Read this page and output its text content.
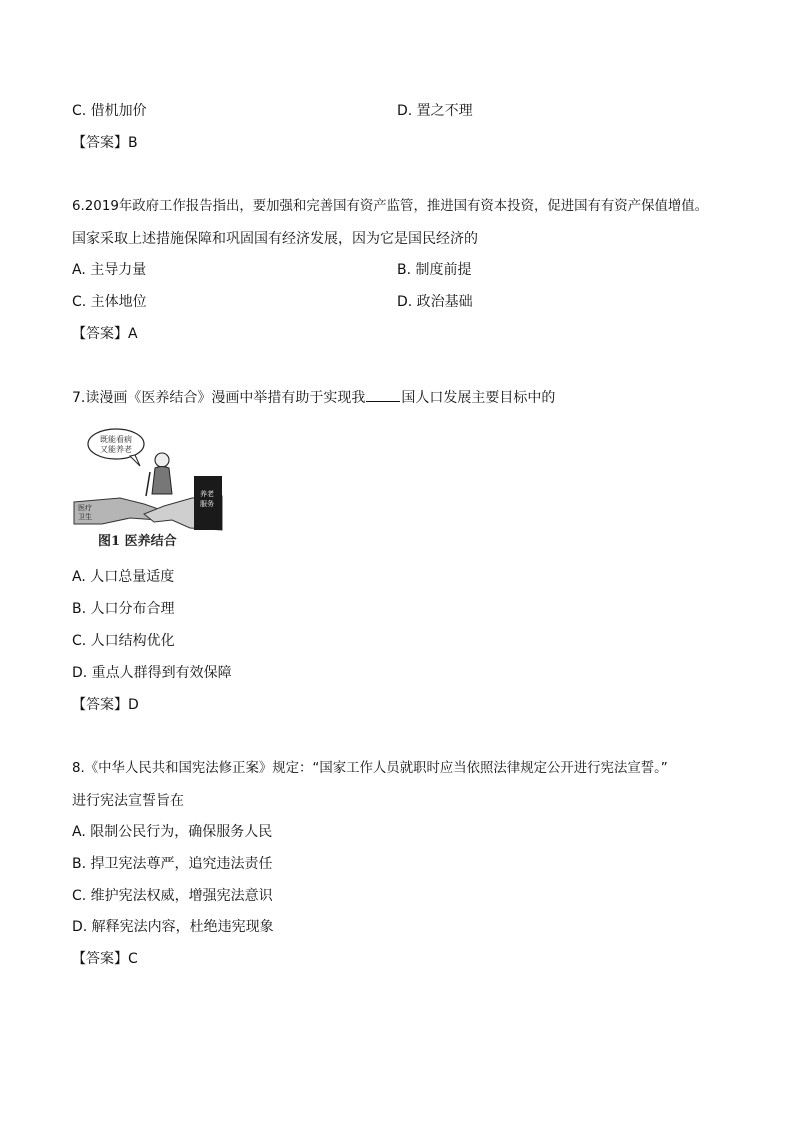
C. 借机加价	D. 置之不理
【答案】B
6.2019年政府工作报告指出，要加强和完善国有资产监管，推进国有资本投资，促进国有有资产保值增值。
国家采取上述措施保障和巩固国有经济发展，因为它是国民经济的
A. 主导力量	B. 制度前提
C. 主体地位	D. 政治基础
【答案】A
7.读漫画《医养结合》漫画中举措有助于实现我	国人口发展主要目标中的
既能看病
又能养老
医疗
卫生
养老
服务
图1 医养结合
A. 人口总量适度
B. 人口分布合理
C. 人口结构优化
D. 重点人群得到有效保障
【答案】D
8.《中华人民共和国宪法修正案》规定：“国家工作人员就职时应当依照法律规定公开进行宪法宣誓。”
进行宪法宣誓旨在
A. 限制公民行为，确保服务人民
B. 捍卫宪法尊严，追究违法责任
C. 维护宪法权威，增强宪法意识
D. 解释宪法内容，杜绝违宪现象
【答案】C
